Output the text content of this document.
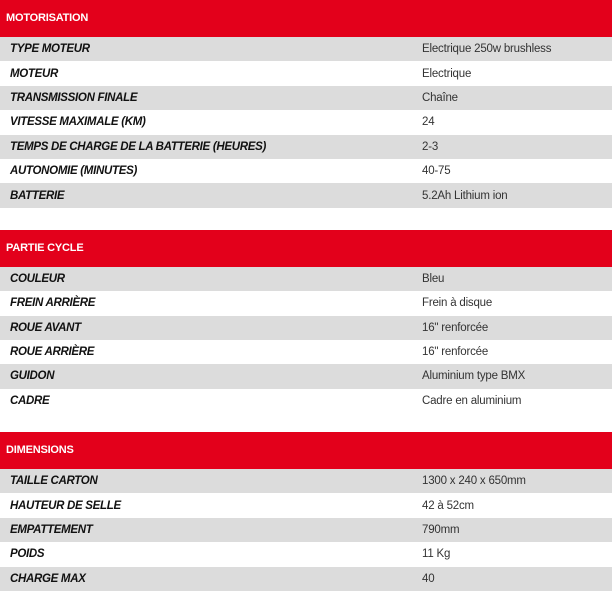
MOTORISATION
TYPE MOTEUR	Electrique 250w brushless
MOTEUR	Electrique
TRANSMISSION FINALE	Chaîne
VITESSE MAXIMALE (KM)	24
TEMPS DE CHARGE DE LA BATTERIE (HEURES)	2-3
AUTONOMIE (MINUTES)	40-75
BATTERIE	5.2Ah Lithium ion
PARTIE CYCLE
COULEUR	Bleu
FREIN ARRIÈRE	Frein à disque
ROUE AVANT	16" renforcée
ROUE ARRIÈRE	16" renforcée
GUIDON	Aluminium type BMX
CADRE	Cadre en aluminium
DIMENSIONS
TAILLE CARTON	1300 x 240 x 650mm
HAUTEUR DE SELLE	42 à 52cm
EMPATTEMENT	790mm
POIDS	11 Kg
CHARGE MAX	40
